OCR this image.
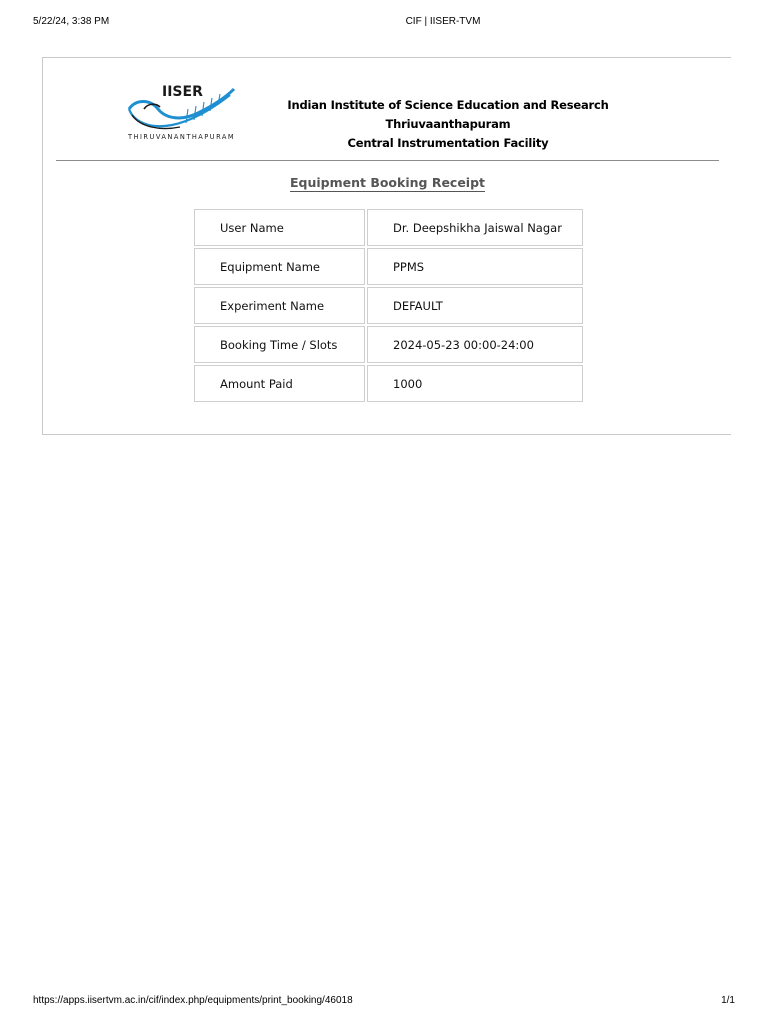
5/22/24, 3:38 PM	CIF | IISER-TVM
IISER
THIRUVANANTHAPURAM
Indian Institute of Science Education and Research Thriuvaanthapuram
Central Instrumentation Facility
Equipment Booking Receipt
User Name	Dr. Deepshikha Jaiswal Nagar
Equipment Name	PPMS
Experiment Name	DEFAULT
Booking Time / Slots	2024-05-23 00:00-24:00
Amount Paid	1000
https://apps.iisertvm.ac.in/cif/index.php/equipments/print_booking/46018	1/1
